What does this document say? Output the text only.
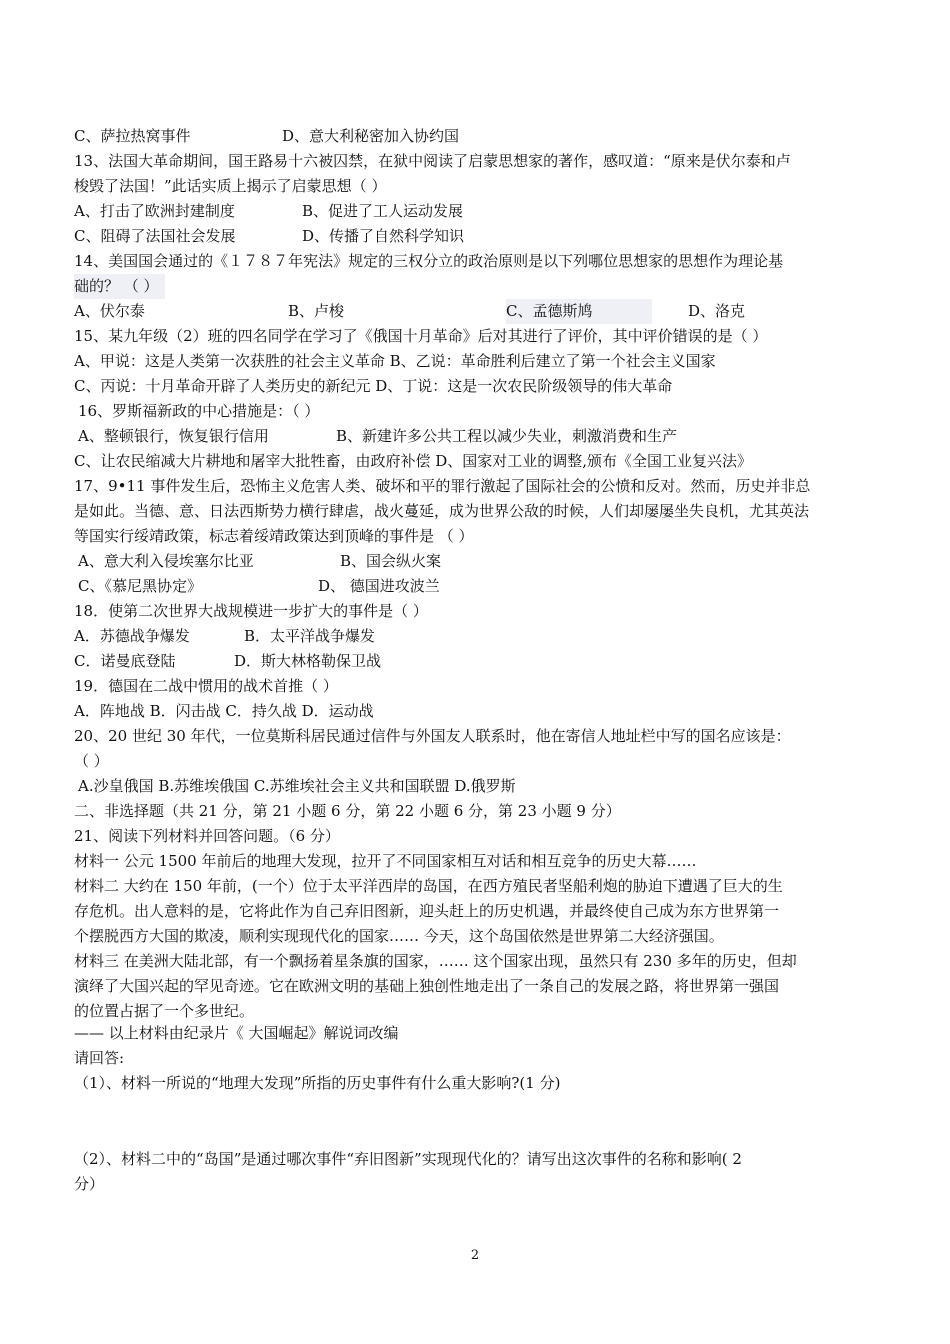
C、萨拉热窝事件	D、意大利秘密加入协约国
13、法国大革命期间，国王路易十六被囚禁，在狱中阅读了启蒙思想家的著作，感叹道：“原来是伏尔泰和卢
梭毁了法国！”此话实质上揭示了启蒙思想（ ）
A、打击了欧洲封建制度	B、促进了工人运动发展
C、阻碍了法国社会发展	D、传播了自然科学知识
14、美国国会通过的《１７８７年宪法》规定的三权分立的政治原则是以下列哪位思想家的思想作为理论基
础的？ （ ）
A、伏尔泰	B、卢梭	C、孟德斯鸠	D、洛克
15、某九年级（2）班的四名同学在学习了《俄国十月革命》后对其进行了评价，其中评价错误的是（ ）
A、甲说：这是人类第一次获胜的社会主义革命 B、乙说：革命胜利后建立了第一个社会主义国家
C、丙说：十月革命开辟了人类历史的新纪元 D、丁说：这是一次农民阶级领导的伟大革命
16、罗斯福新政的中心措施是：（ ）
A、整顿银行，恢复银行信用	B、新建许多公共工程以减少失业，刺激消费和生产
C、让农民缩减大片耕地和屠宰大批牲畜，由政府补偿 D、国家对工业的调整,颁布《全国工业复兴法》
17、9•11 事件发生后，恐怖主义危害人类、破坏和平的罪行激起了国际社会的公愤和反对。然而，历史并非总
是如此。当德、意、日法西斯势力横行肆虐，战火蔓延，成为世界公敌的时候，人们却屡屡坐失良机，尤其英法
等国实行绥靖政策，标志着绥靖政策达到顶峰的事件是 （ ）
A、意大利入侵埃塞尔比亚	B、国会纵火案
C、《慕尼黑协定》	D、 德国进攻波兰
18．使第二次世界大战规模进一步扩大的事件是（ ）
A．苏德战争爆发	B．太平洋战争爆发
C．诺曼底登陆	D．斯大林格勒保卫战
19．德国在二战中惯用的战术首推（ ）
A．阵地战 B．闪击战 C．持久战 D．运动战
20、20 世纪 30 年代，一位莫斯科居民通过信件与外国友人联系时，他在寄信人地址栏中写的国名应该是：
（ ）
A.沙皇俄国 B.苏维埃俄国 C.苏维埃社会主义共和国联盟 D.俄罗斯
二、非选择题（共 21 分，第 21 小题 6 分，第 22 小题 6 分，第 23 小题 9 分）
21、阅读下列材料并回答问题。（6 分）
材料一 公元 1500 年前后的地理大发现，拉开了不同国家相互对话和相互竞争的历史大幕……
材料二 大约在 150 年前，(一个）位于太平洋西岸的岛国，在西方殖民者坚船利炮的胁迫下遭遇了巨大的生
存危机。出人意料的是，它将此作为自己弃旧图新，迎头赶上的历史机遇，并最终使自己成为东方世界第一
个摆脱西方大国的欺凌，顺利实现现代化的国家…… 今天，这个岛国依然是世界第二大经济强国。
材料三 在美洲大陆北部，有一个飘扬着星条旗的国家，…… 这个国家出现，虽然只有 230 多年的历史，但却
演绎了大国兴起的罕见奇迹。它在欧洲文明的基础上独创性地走出了一条自己的发展之路，将世界第一强国
的位置占据了一个多世纪。
—— 以上材料由纪录片《 大国崛起》解说词改编
请回答:
（1）、材料一所说的“地理大发现”所指的历史事件有什么重大影响?(1 分)
（2）、材料二中的“岛国”是通过哪次事件“弃旧图新”实现现代化的？请写出这次事件的名称和影响( 2
分）
2
